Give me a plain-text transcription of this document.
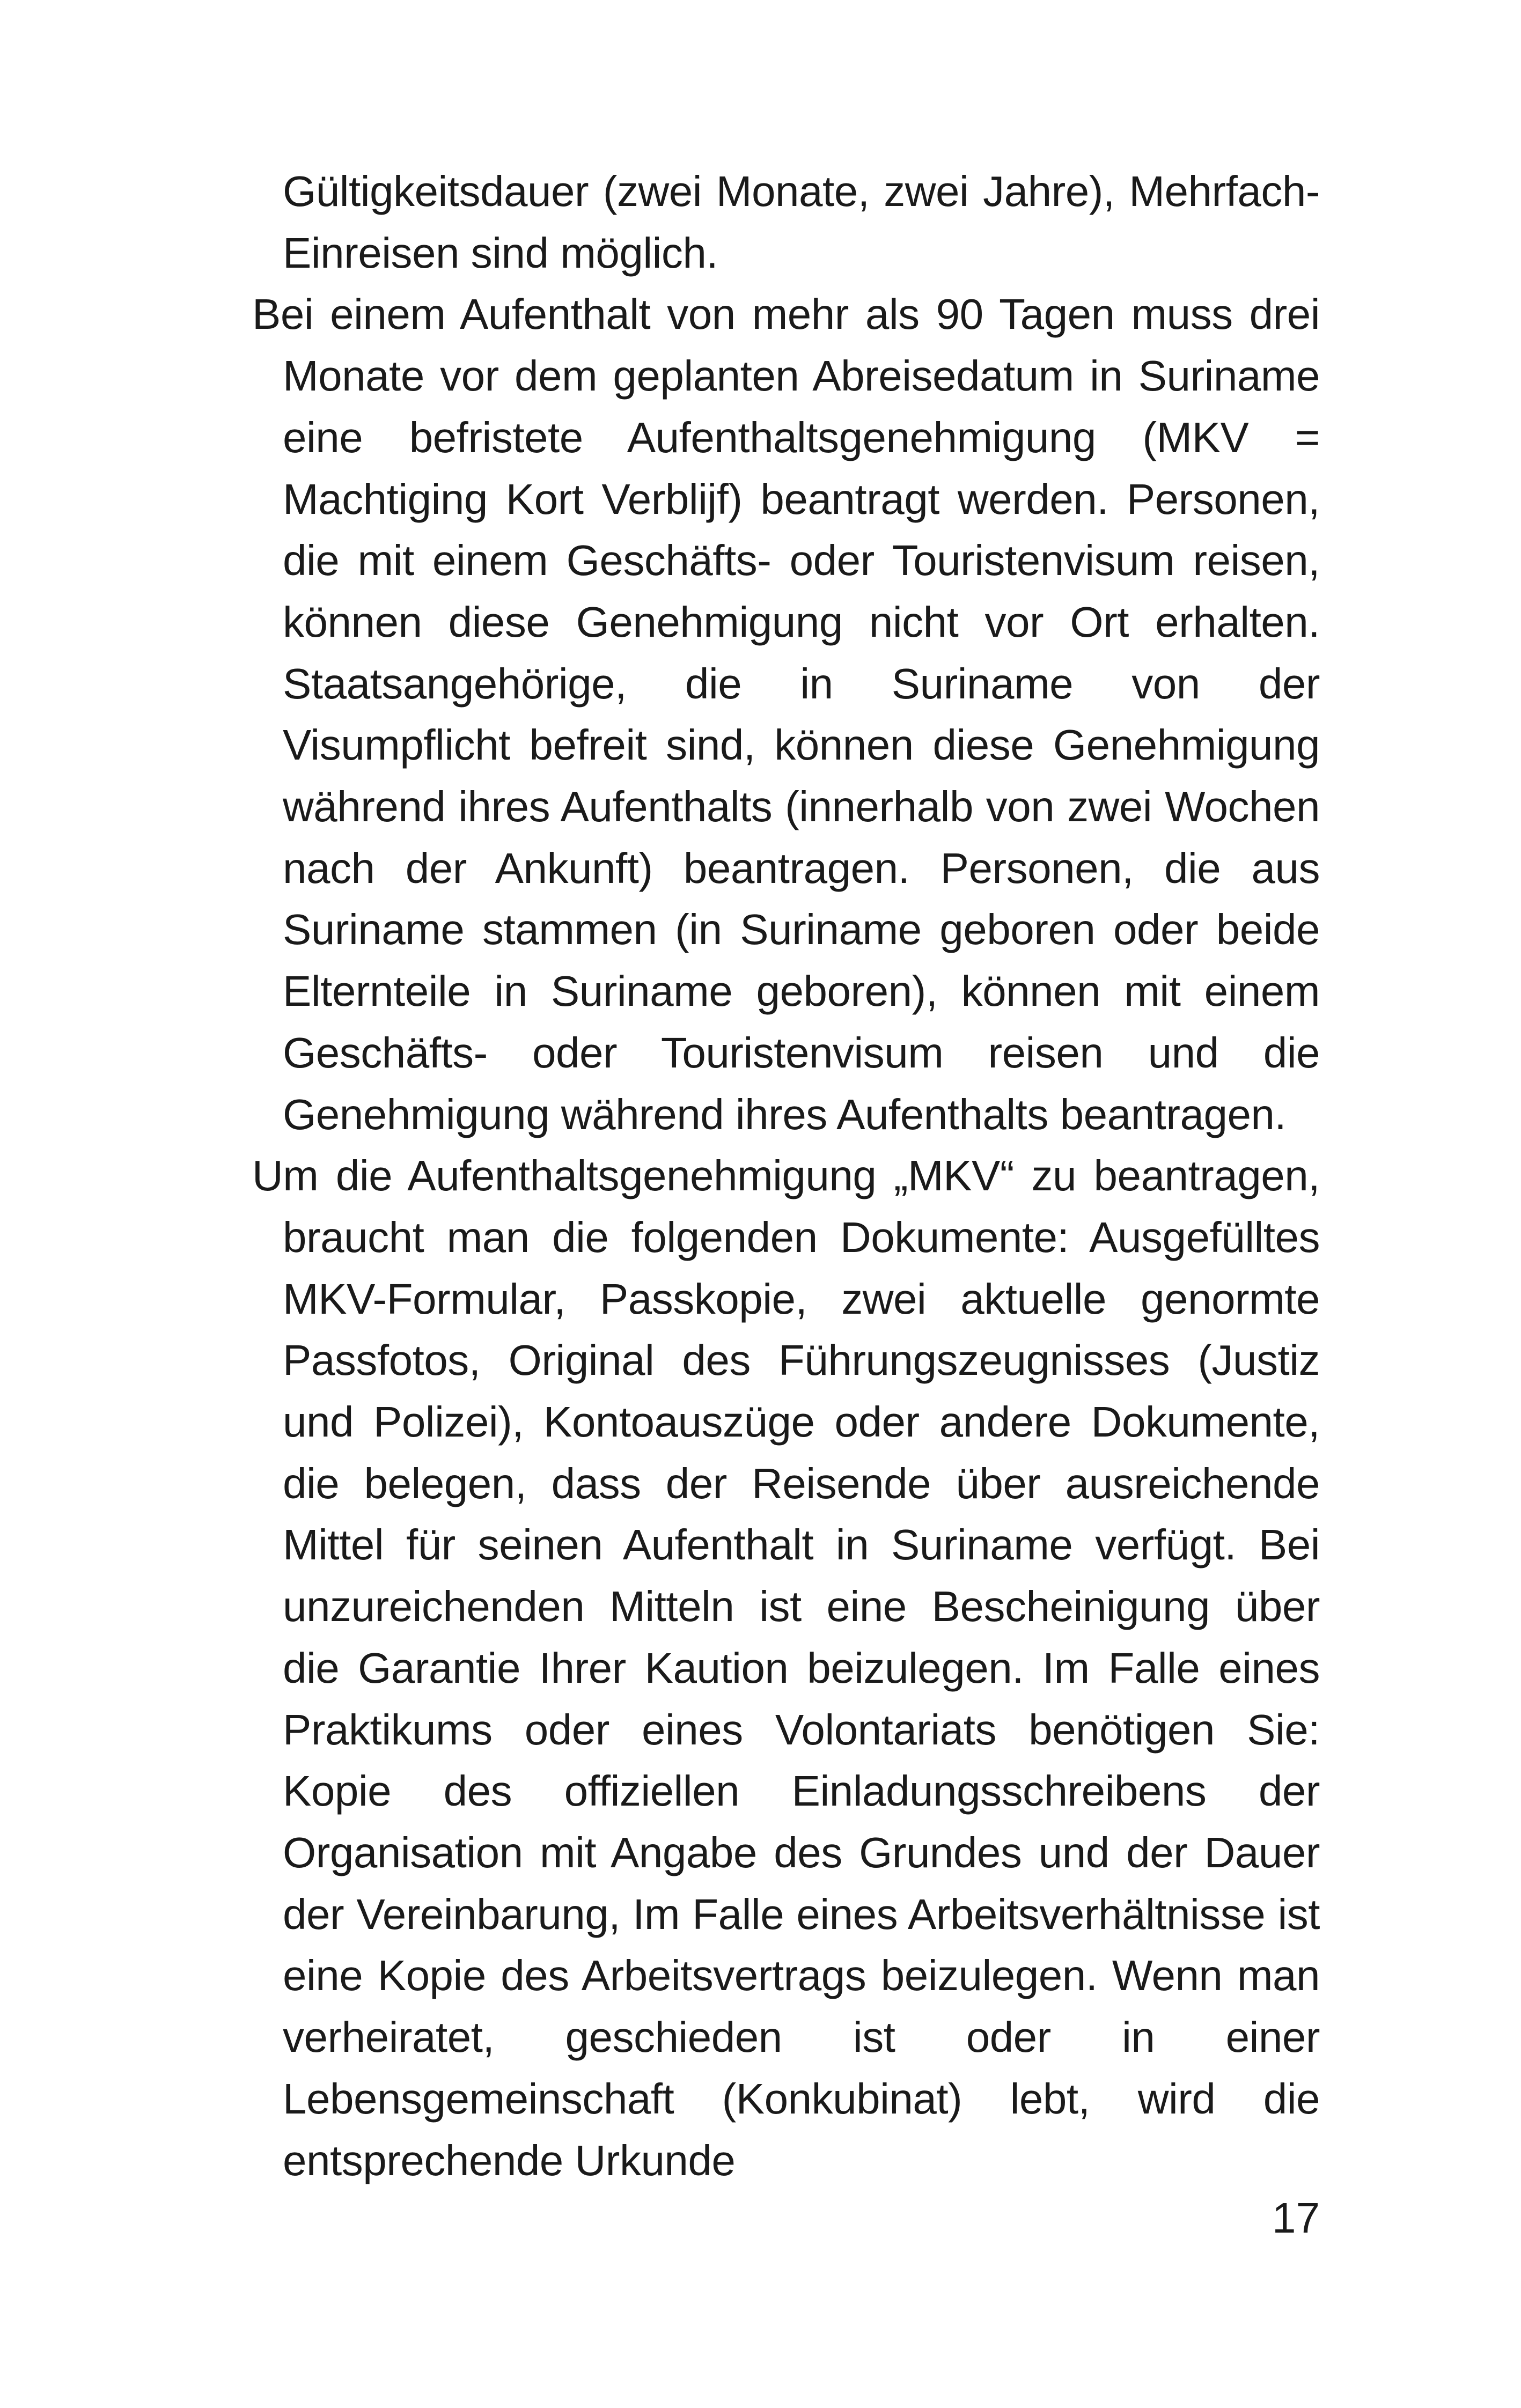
Gültigkeitsdauer (zwei Monate, zwei Jahre), Mehrfach-Einreisen sind möglich.

Bei einem Aufenthalt von mehr als 90 Tagen muss drei Monate vor dem geplanten Abreisedatum in Suriname eine befristete Aufenthaltsgenehmigung (MKV = Machtiging Kort Verblijf) beantragt werden. Personen, die mit einem Geschäfts- oder Touristenvisum reisen, können diese Genehmigung nicht vor Ort erhalten. Staatsangehörige, die in Suriname von der Visumpflicht befreit sind, können diese Genehmigung während ihres Aufenthalts (innerhalb von zwei Wochen nach der Ankunft) beantragen. Personen, die aus Suriname stammen (in Suriname geboren oder beide Elternteile in Suriname geboren), können mit einem Geschäfts- oder Touristenvisum reisen und die Genehmigung während ihres Aufenthalts beantragen.

Um die Aufenthaltsgenehmigung „MKV“ zu beantragen, braucht man die folgenden Dokumente: Ausgefülltes MKV-Formular, Passkopie, zwei aktuelle genormte Passfotos, Original des Führungszeugnisses (Justiz und Polizei), Kontoauszüge oder andere Dokumente, die belegen, dass der Reisende über ausreichende Mittel für seinen Aufenthalt in Suriname verfügt. Bei unzureichenden Mitteln ist eine Bescheinigung über die Garantie Ihrer Kaution beizulegen. Im Falle eines Praktikums oder eines Volontariats benötigen Sie: Kopie des offiziellen Einladungsschreibens der Organisation mit Angabe des Grundes und der Dauer der Vereinbarung, Im Falle eines Arbeitsverhältnisse ist eine Kopie des Arbeitsvertrags beizulegen. Wenn man verheiratet, geschieden ist oder in einer Lebensgemeinschaft (Konkubinat) lebt, wird die entsprechende Urkunde

17
